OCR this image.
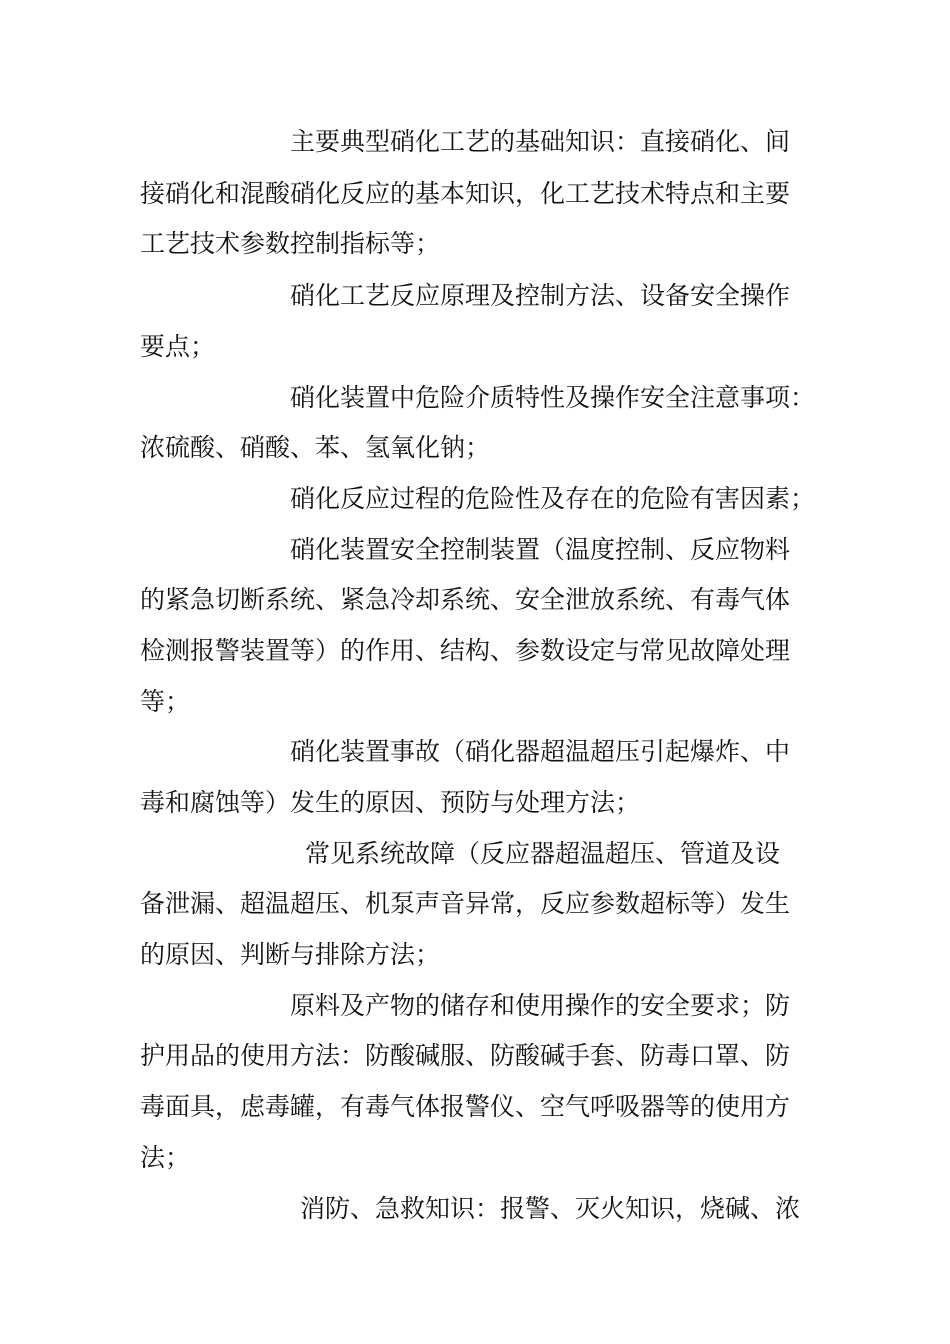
主要典型硝化工艺的基础知识：直接硝化、间
接硝化和混酸硝化反应的基本知识，化工艺技术特点和主要
工艺技术参数控制指标等；
硝化工艺反应原理及控制方法、设备安全操作
要点；
硝化装置中危险介质特性及操作安全注意事项：
浓硫酸、硝酸、苯、氢氧化钠；
硝化反应过程的危险性及存在的危险有害因素；
硝化装置安全控制装置（温度控制、反应物料
的紧急切断系统、紧急冷却系统、安全泄放系统、有毒气体
检测报警装置等）的作用、结构、参数设定与常见故障处理
等；
硝化装置事故（硝化器超温超压引起爆炸、中
毒和腐蚀等）发生的原因、预防与处理方法；
常见系统故障（反应器超温超压、管道及设
备泄漏、超温超压、机泵声音异常，反应参数超标等）发生
的原因、判断与排除方法；
原料及产物的储存和使用操作的安全要求；防
护用品的使用方法：防酸碱服、防酸碱手套、防毒口罩、防
毒面具，虑毒罐，有毒气体报警仪、空气呼吸器等的使用方
法；
消防、急救知识：报警、灭火知识，烧碱、浓
